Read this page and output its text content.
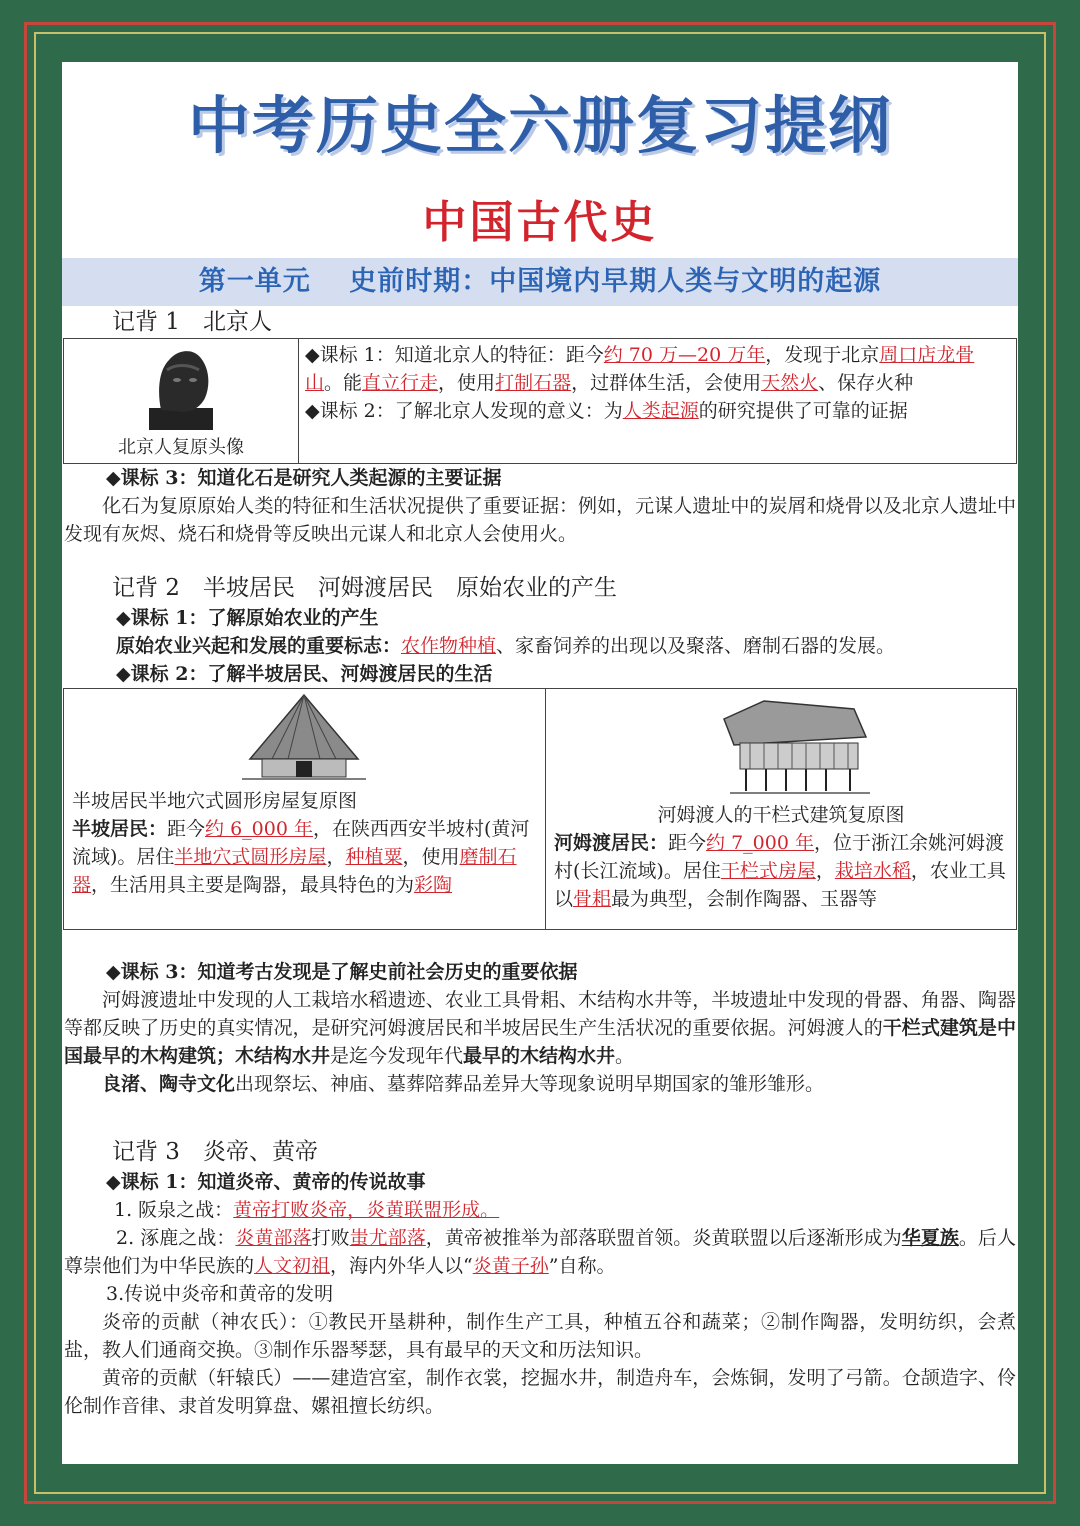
中考历史全六册复习提纲
中国古代史
第一单元　 史前时期：中国境内早期人类与文明的起源
记背 1　北京人
北京人复原头像

◆课标 1：知道北京人的特征：距今约 70 万—20 万年，发现于北京周口店龙骨山。能直立行走，使用打制石器，过群体生活，会使用天然火、保存火种
◆课标 2：了解北京人发现的意义：为人类起源的研究提供了可靠的证据
◆课标 3：知道化石是研究人类起源的主要证据
化石为复原原始人类的特征和生活状况提供了重要证据：例如，元谋人遗址中的炭屑和烧骨以及北京人遗址中发现有灰烬、烧石和烧骨等反映出元谋人和北京人会使用火。
记背 2　半坡居民　河姆渡居民　原始农业的产生
◆课标 1：了解原始农业的产生
原始农业兴起和发展的重要标志：农作物种植、家畜饲养的出现以及聚落、磨制石器的发展。
◆课标 2：了解半坡居民、河姆渡居民的生活
半坡居民半地穴式圆形房屋复原图
半坡居民：距今约 6_000 年，在陕西西安半坡村(黄河流域)。居住半地穴式圆形房屋，种植粟，使用磨制石器，生活用具主要是陶器，最具特色的为彩陶

河姆渡人的干栏式建筑复原图
河姆渡居民：距今约 7_000 年，位于浙江余姚河姆渡村(长江流域)。居住干栏式房屋，栽培水稻，农业工具以骨耜最为典型，会制作陶器、玉器等
◆课标 3：知道考古发现是了解史前社会历史的重要依据
河姆渡遗址中发现的人工栽培水稻遗迹、农业工具骨耜、木结构水井等，半坡遗址中发现的骨器、角器、陶器等都反映了历史的真实情况，是研究河姆渡居民和半坡居民生产生活状况的重要依据。河姆渡人的干栏式建筑是中国最早的木构建筑；木结构水井是迄今发现年代最早的木结构水井。
良渚、陶寺文化出现祭坛、神庙、墓葬陪葬品差异大等现象说明早期国家的雏形雏形。
记背 3　炎帝、黄帝
◆课标 1：知道炎帝、黄帝的传说故事
1. 阪泉之战：黄帝打败炎帝，炎黄联盟形成。
2. 涿鹿之战：炎黄部落打败蚩尤部落，黄帝被推举为部落联盟首领。炎黄联盟以后逐渐形成为华夏族。后人尊崇他们为中华民族的人文初祖，海内外华人以“炎黄子孙”自称。
3.传说中炎帝和黄帝的发明
炎帝的贡献（神农氏）：①教民开垦耕种，制作生产工具，种植五谷和蔬菜；②制作陶器，发明纺织，会煮盐，教人们通商交换。③制作乐器琴瑟，具有最早的天文和历法知识。
黄帝的贡献（轩辕氏）——建造宫室，制作衣裳，挖掘水井，制造舟车，会炼铜，发明了弓箭。仓颉造字、伶伦制作音律、隶首发明算盘、嫘祖擅长纺织。
